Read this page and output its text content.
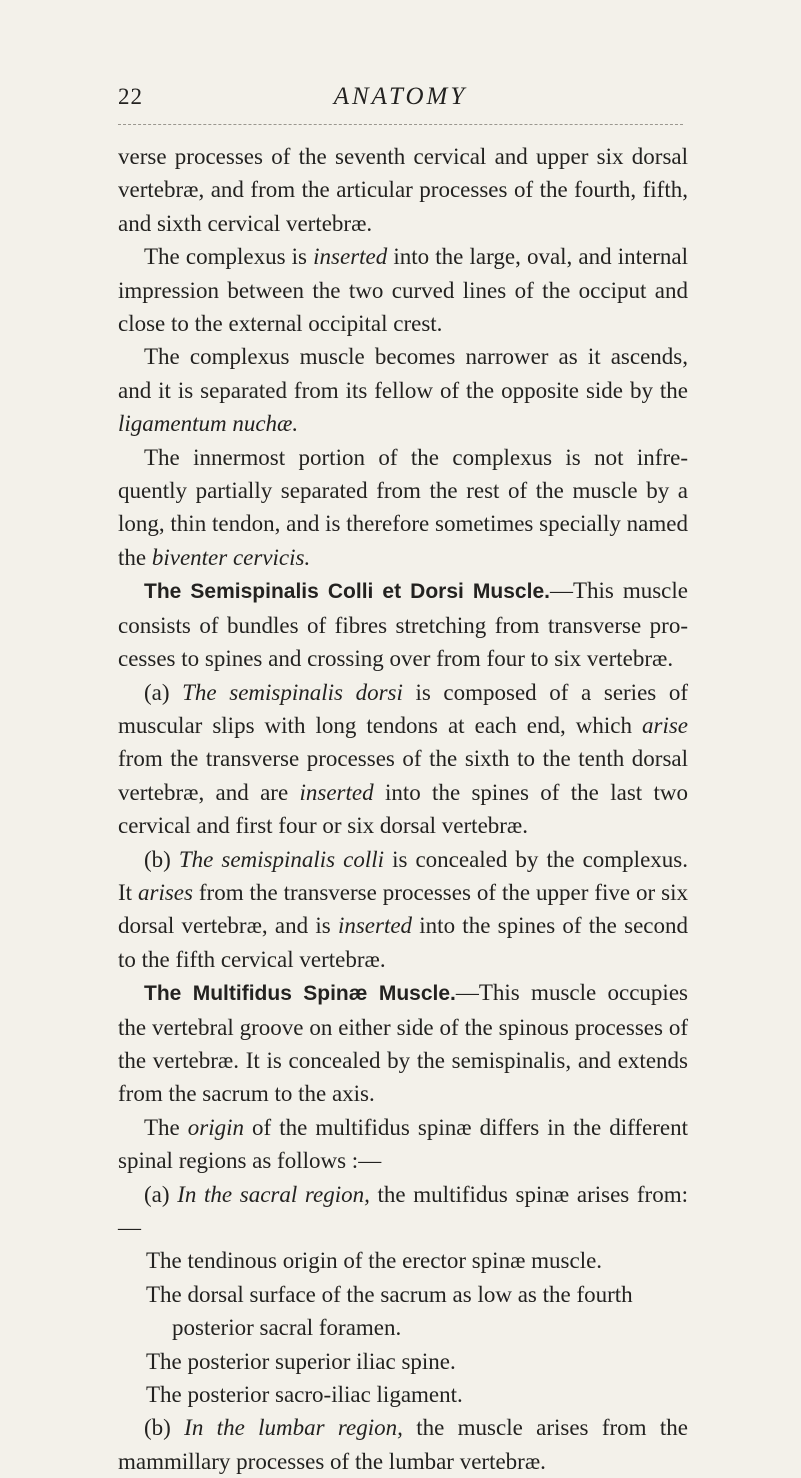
22	ANATOMY

verse processes of the seventh cervical and upper six dorsal vertebræ, and from the articular processes of the fourth, fifth, and sixth cervical vertebræ.

The complexus is inserted into the large, oval, and internal impression between the two curved lines of the occiput and close to the external occipital crest.

The complexus muscle becomes narrower as it ascends, and it is separated from its fellow of the opposite side by the ligamentum nuchæ.

The innermost portion of the complexus is not infre- quently partially separated from the rest of the muscle by a long, thin tendon, and is therefore sometimes specially named the biventer cervicis.

The Semispinalis Colli et Dorsi Muscle.—This muscle consists of bundles of fibres stretching from transverse pro- cesses to spines and crossing over from four to six vertebræ.

(a) The semispinalis dorsi is composed of a series of muscular slips with long tendons at each end, which arise from the transverse processes of the sixth to the tenth dorsal vertebræ, and are inserted into the spines of the last two cervical and first four or six dorsal vertebræ.

(b) The semispinalis colli is concealed by the complexus. It arises from the transverse processes of the upper five or six dorsal vertebræ, and is inserted into the spines of the second to the fifth cervical vertebræ.

The Multifidus Spinæ Muscle.—This muscle occupies the vertebral groove on either side of the spinous processes of the vertebræ. It is concealed by the semispinalis, and extends from the sacrum to the axis.

The origin of the multifidus spinæ differs in the different spinal regions as follows :—

(a) In the sacral region, the multifidus spinæ arises from:—

The tendinous origin of the erector spinæ muscle.

The dorsal surface of the sacrum as low as the fourth posterior sacral foramen.

The posterior superior iliac spine.

The posterior sacro-iliac ligament.

(b) In the lumbar region, the muscle arises from the mammillary processes of the lumbar vertebræ.
